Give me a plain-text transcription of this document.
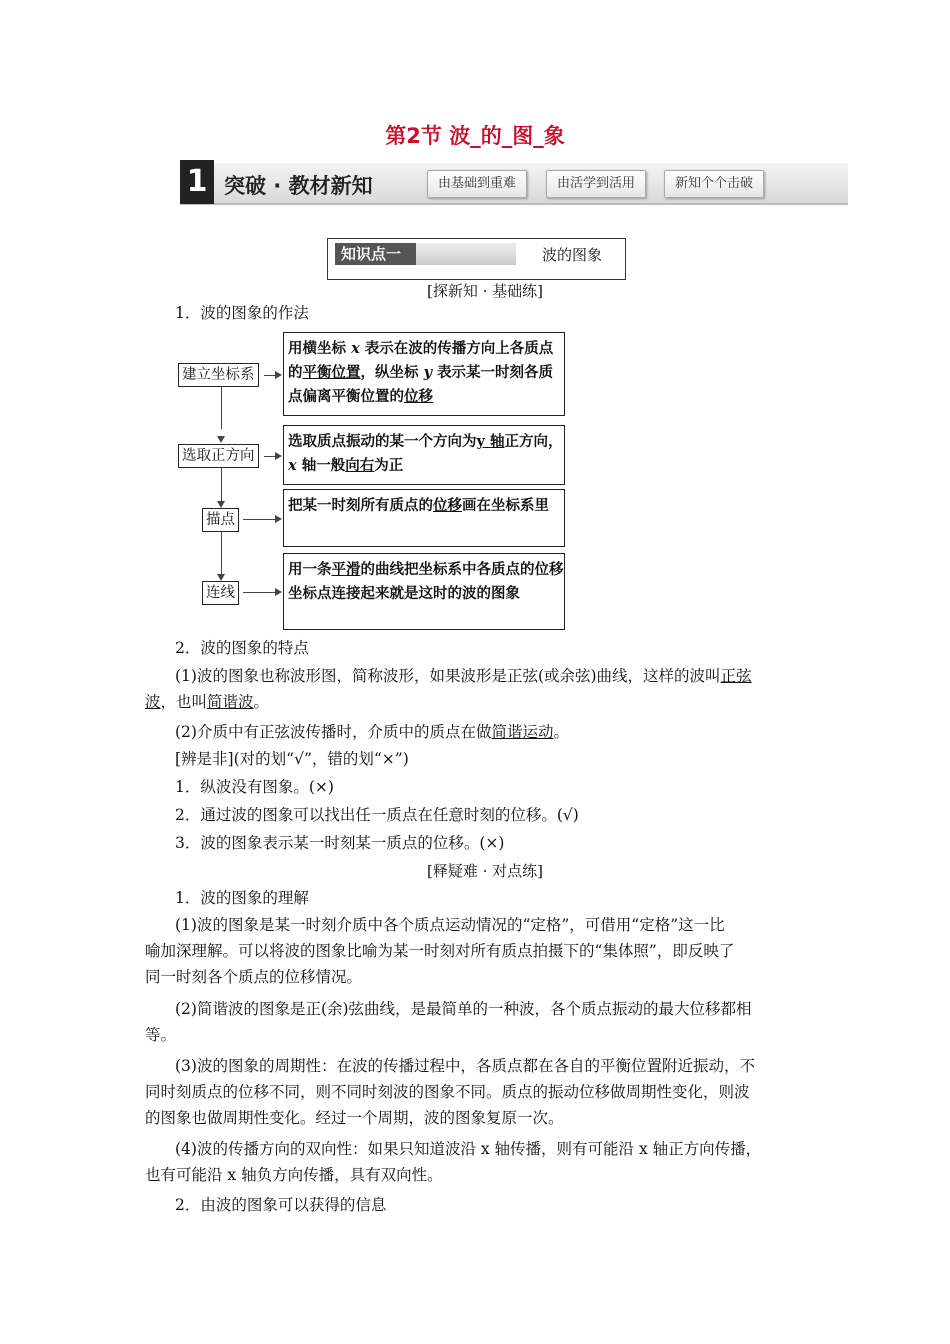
第2节 波_的_图_象
1 突破 · 教材新知	由基础到重难	由活学到活用	新知个个击破
知识点一	波的图象
[探新知 · 基础练]
1．波的图象的作法
建立坐标系
用横坐标 x 表示在波的传播方向上各质点的平衡位置，纵坐标 y 表示某一时刻各质点偏离平衡位置的位移
选取正方向
选取质点振动的某一个方向为y 轴正方向，x 轴一般向右为正
描点
把某一时刻所有质点的位移画在坐标系里
连线
用一条平滑的曲线把坐标系中各质点的位移坐标点连接起来就是这时的波的图象
2．波的图象的特点
(1)波的图象也称波形图，简称波形，如果波形是正弦(或余弦)曲线，这样的波叫正弦
波，也叫简谐波。
(2)介质中有正弦波传播时，介质中的质点在做简谐运动。
[辨是非](对的划“√”，错的划“×”)
1．纵波没有图象。(×)
2．通过波的图象可以找出任一质点在任意时刻的位移。(√)
3．波的图象表示某一时刻某一质点的位移。(×)
[释疑难 · 对点练]
1．波的图象的理解
(1)波的图象是某一时刻介质中各个质点运动情况的“定格”，可借用“定格”这一比
喻加深理解。可以将波的图象比喻为某一时刻对所有质点拍摄下的“集体照”，即反映了
同一时刻各个质点的位移情况。
(2)简谐波的图象是正(余)弦曲线，是最简单的一种波，各个质点振动的最大位移都相
等。
(3)波的图象的周期性：在波的传播过程中，各质点都在各自的平衡位置附近振动，不
同时刻质点的位移不同，则不同时刻波的图象不同。质点的振动位移做周期性变化，则波
的图象也做周期性变化。经过一个周期，波的图象复原一次。
(4)波的传播方向的双向性：如果只知道波沿 x 轴传播，则有可能沿 x 轴正方向传播，
也有可能沿 x 轴负方向传播，具有双向性。
2．由波的图象可以获得的信息
